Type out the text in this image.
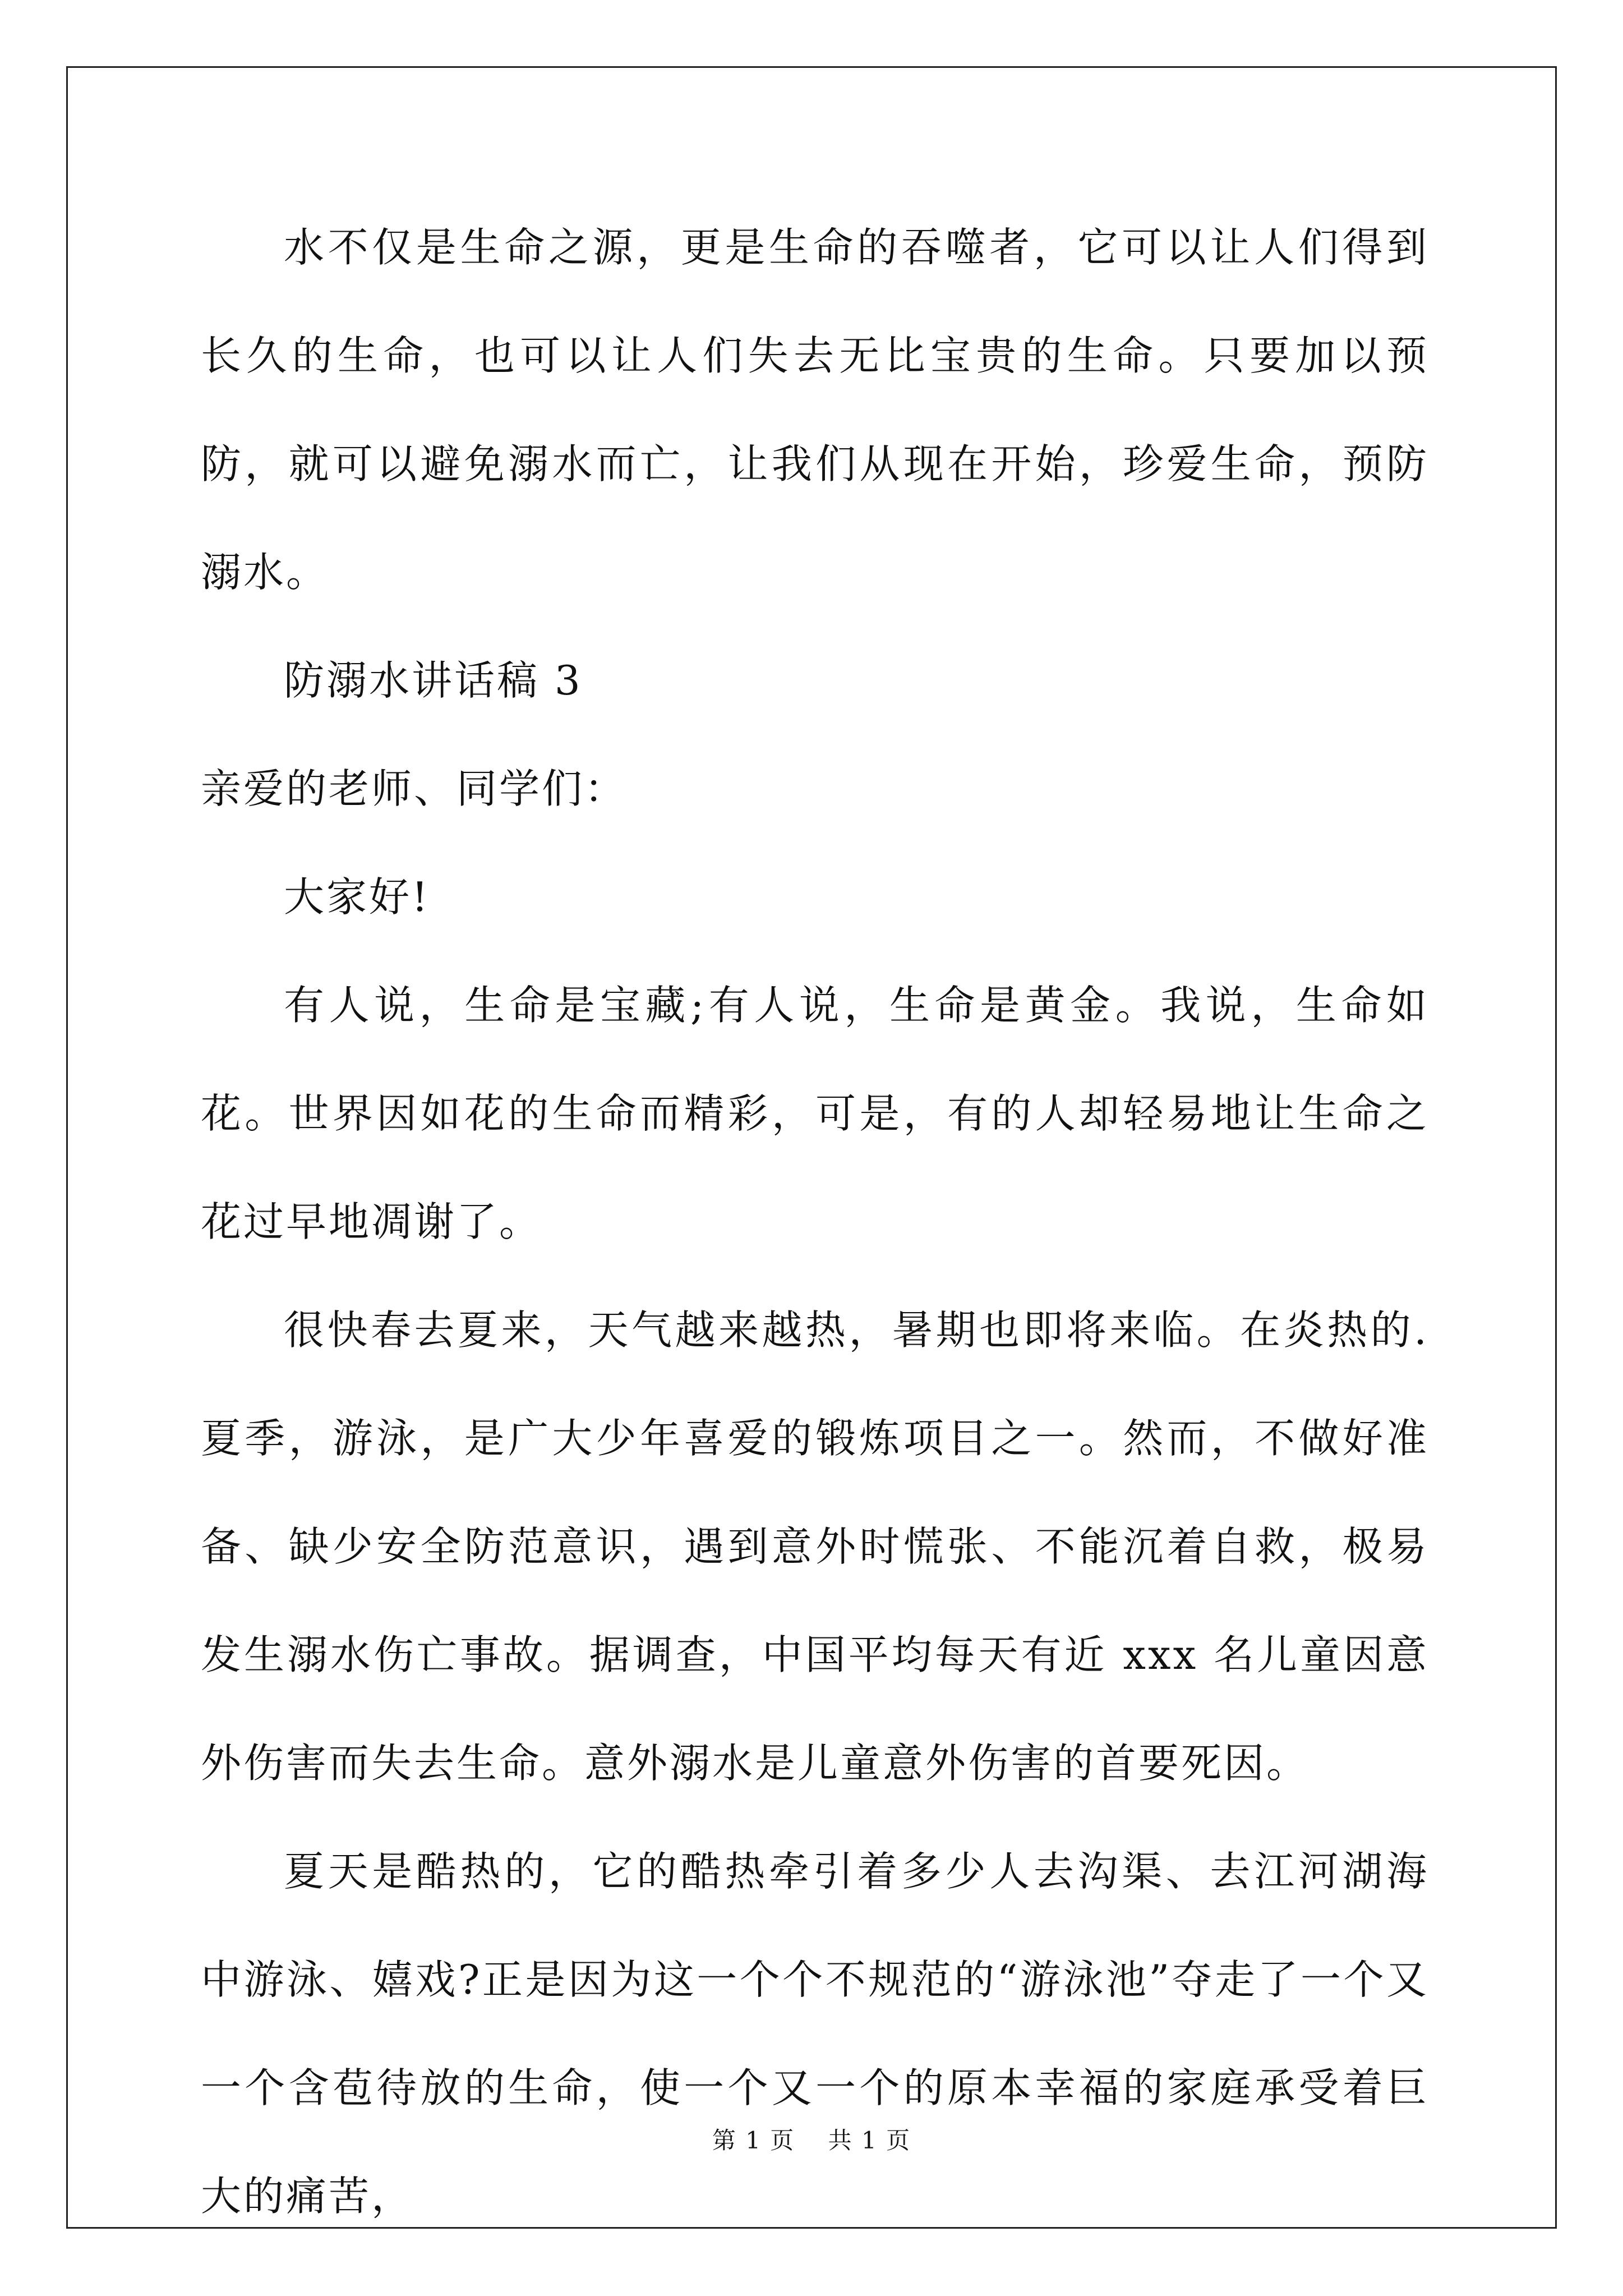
水不仅是生命之源，更是生命的吞噬者，它可以让人们得到长久的生命，也可以让人们失去无比宝贵的生命。只要加以预防，就可以避免溺水而亡，让我们从现在开始，珍爱生命，预防溺水。

防溺水讲话稿 3

亲爱的老师、同学们：

大家好!

有人说，生命是宝藏;有人说，生命是黄金。我说，生命如花。世界因如花的生命而精彩，可是，有的人却轻易地让生命之花过早地凋谢了。

很快春去夏来，天气越来越热，暑期也即将来临。在炎热的.夏季，游泳，是广大少年喜爱的锻炼项目之一。然而，不做好准备、缺少安全防范意识，遇到意外时慌张、不能沉着自救，极易发生溺水伤亡事故。据调查，中国平均每天有近 xxx 名儿童因意外伤害而失去生命。意外溺水是儿童意外伤害的首要死因。

夏天是酷热的，它的酷热牵引着多少人去沟渠、去江河湖海中游泳、嬉戏?正是因为这一个个不规范的“游泳池”夺走了一个又一个含苞待放的生命，使一个又一个的原本幸福的家庭承受着巨大的痛苦，

第 1 页 共 1 页
